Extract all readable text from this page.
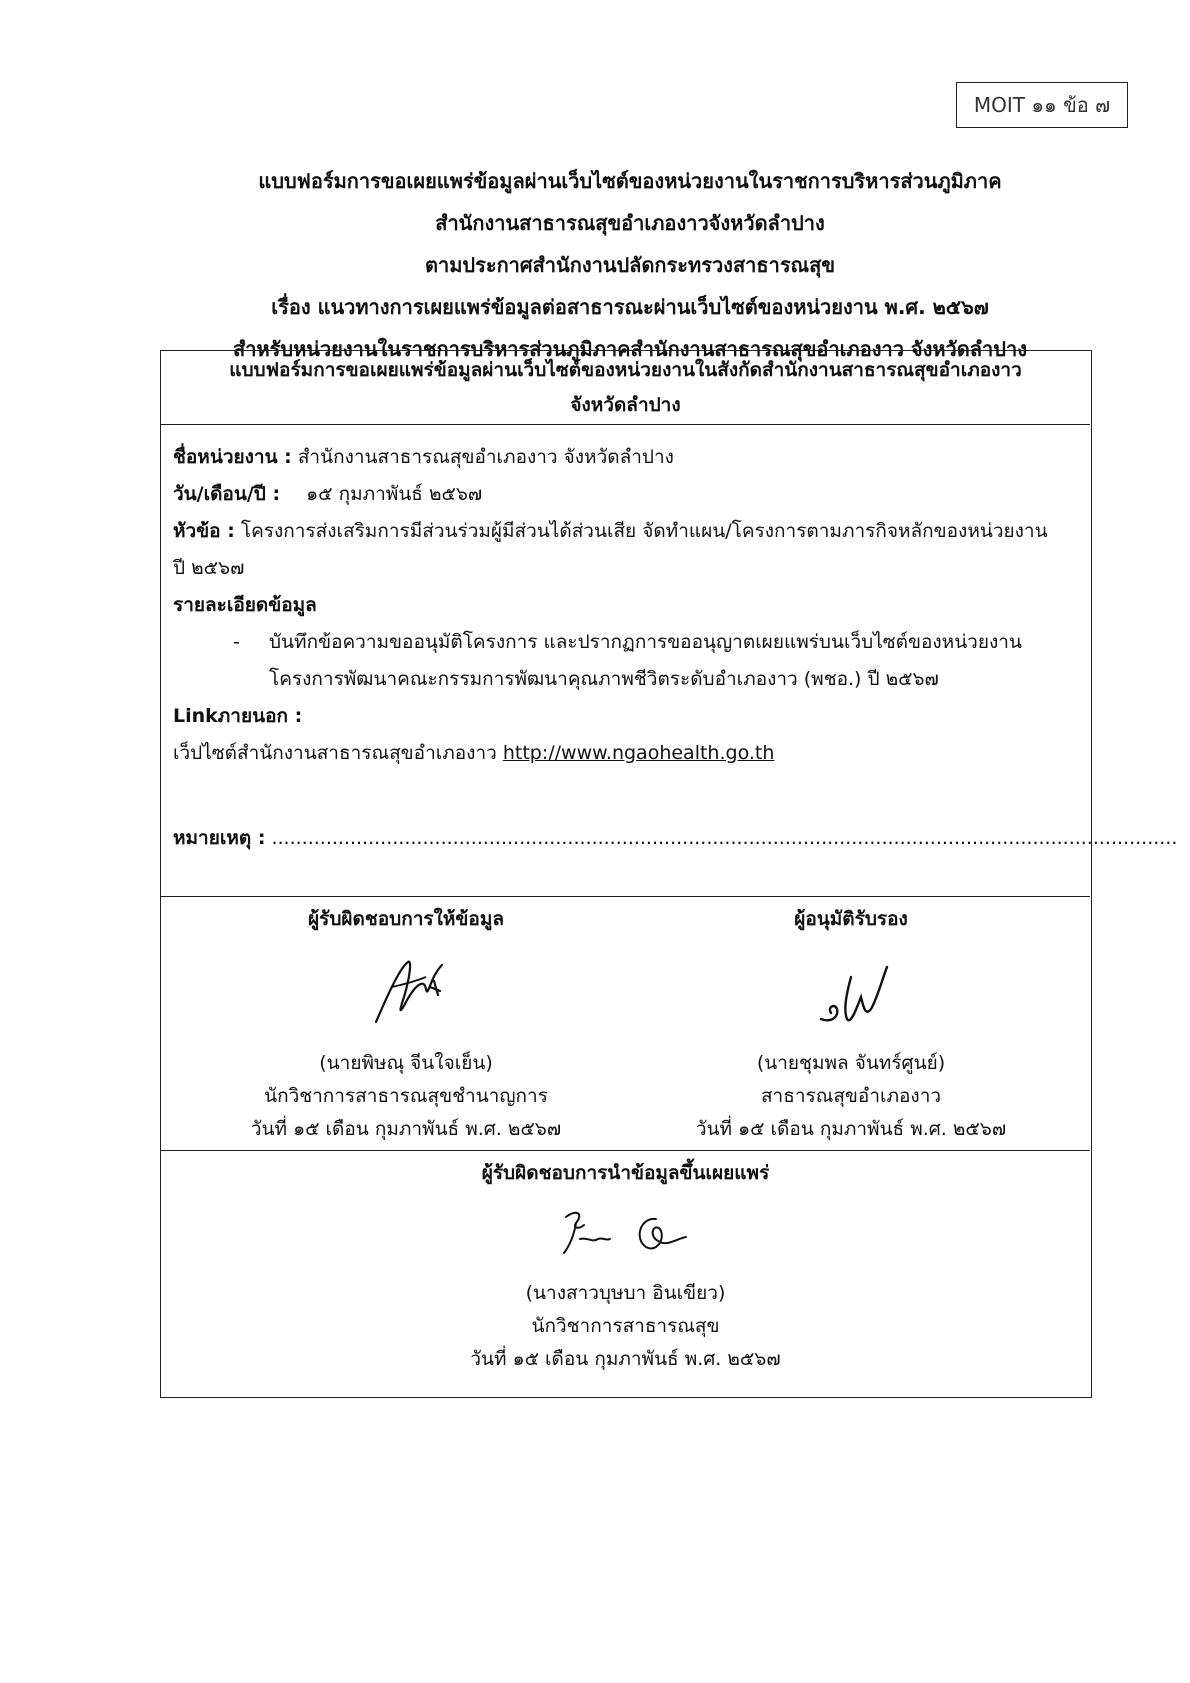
MOIT ๑๑ ข้อ ๗
แบบฟอร์มการขอเผยแพร่ข้อมูลผ่านเว็บไซต์ของหน่วยงานในราชการบริหารส่วนภูมิภาค
สำนักงานสาธารณสุขอำเภองาวจังหวัดลำปาง
ตามประกาศสำนักงานปลัดกระทรวงสาธารณสุข
เรื่อง แนวทางการเผยแพร่ข้อมูลต่อสาธารณะผ่านเว็บไซต์ของหน่วยงาน พ.ศ. ๒๕๖๗
สำหรับหน่วยงานในราชการบริหารส่วนภูมิภาคสำนักงานสาธารณสุขอำเภองาว จังหวัดลำปาง
แบบฟอร์มการขอเผยแพร่ข้อมูลผ่านเว็บไซต์ของหน่วยงานในสังกัดสำนักงานสาธารณสุขอำเภองาว
จังหวัดลำปาง
ชื่อหน่วยงาน : สำนักงานสาธารณสุขอำเภองาว จังหวัดลำปาง
วัน/เดือน/ปี : ๑๕ กุมภาพันธ์ ๒๕๖๗
หัวข้อ : โครงการส่งเสริมการมีส่วนร่วมผู้มีส่วนได้ส่วนเสีย จัดทำแผน/โครงการตามภารกิจหลักของหน่วยงาน
ปี ๒๕๖๗
รายละเอียดข้อมูล
- บันทึกข้อความขออนุมัติโครงการ และปรากฏการขออนุญาตเผยแพร่บนเว็บไซต์ของหน่วยงาน
โครงการพัฒนาคณะกรรมการพัฒนาคุณภาพชีวิตระดับอำเภองาว (พชอ.) ปี ๒๕๖๗
Linkภายนอก :
เว็ปไซต์สำนักงานสาธารณสุขอำเภองาว http://www.ngaohealth.go.th
หมายเหตุ : ......................................................................................................................................................
ผู้รับผิดชอบการให้ข้อมูล
(นายพิษณุ จีนใจเย็น)
นักวิชาการสาธารณสุขชำนาญการ
วันที่ ๑๕ เดือน กุมภาพันธ์ พ.ศ. ๒๕๖๗
ผู้อนุมัติรับรอง
(นายชุมพล จันทร์ศูนย์)
สาธารณสุขอำเภองาว
วันที่ ๑๕ เดือน กุมภาพันธ์ พ.ศ. ๒๕๖๗
ผู้รับผิดชอบการนำข้อมูลขึ้นเผยแพร่
(นางสาวบุษบา อินเขียว)
นักวิชาการสาธารณสุข
วันที่ ๑๕ เดือน กุมภาพันธ์ พ.ศ. ๒๕๖๗
